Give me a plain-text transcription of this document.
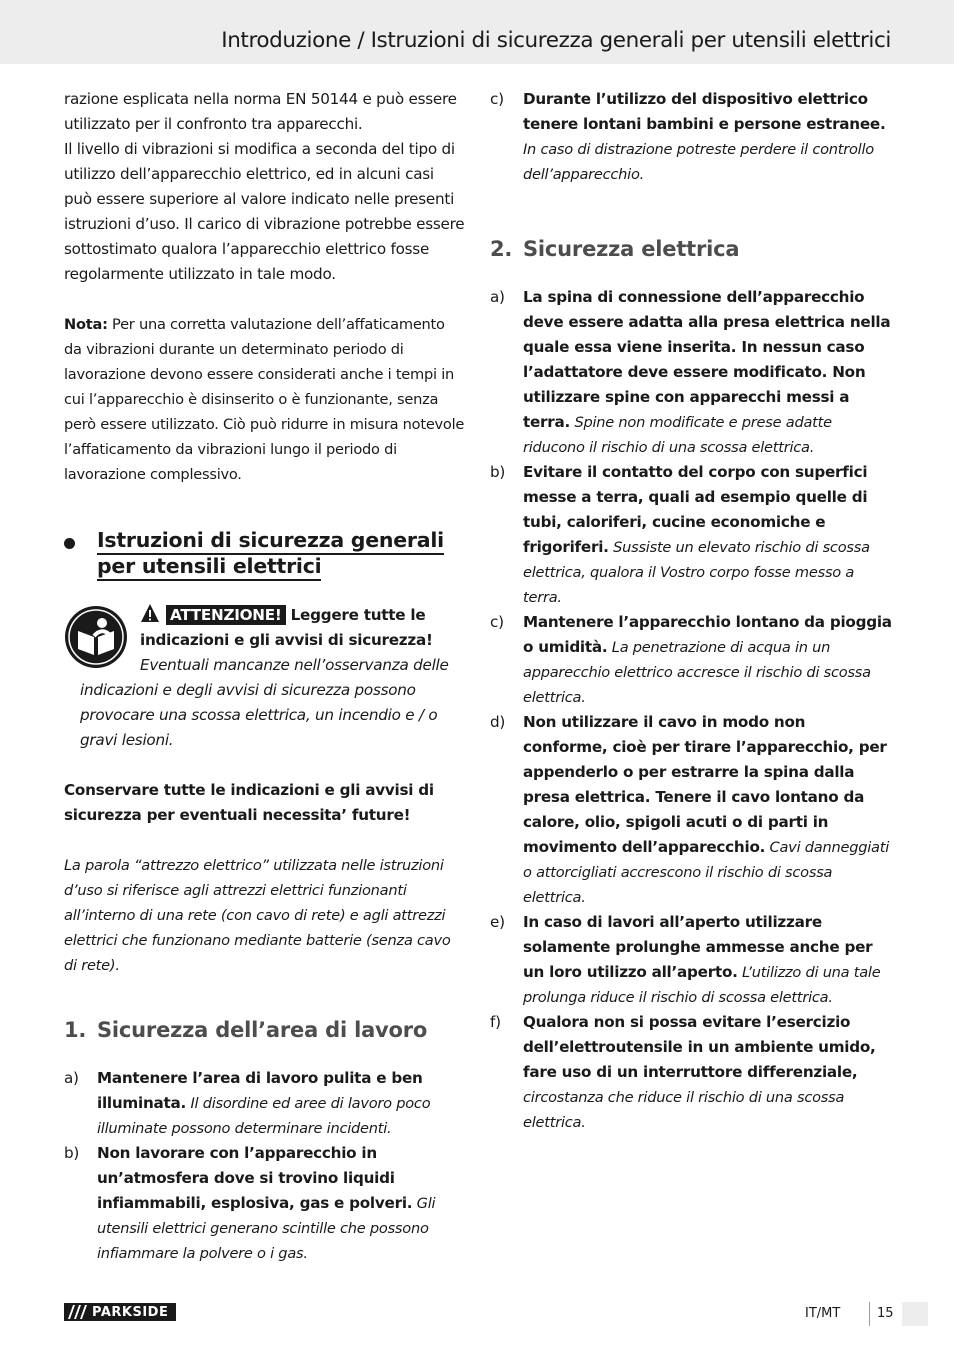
Introduzione / Istruzioni di sicurezza generali per utensili elettrici

razione esplicata nella norma EN 50144 e può essere utilizzato per il confronto tra apparecchi.

Il livello di vibrazioni si modifica a seconda del tipo di utilizzo dell’apparecchio elettrico, ed in alcuni casi può essere superiore al valore indicato nelle presenti istruzioni d’uso. Il carico di vibrazione potrebbe essere sottostimato qualora l’apparecchio elettrico fosse regolarmente utilizzato in tale modo.

Nota: Per una corretta valutazione dell’affaticamento da vibrazioni durante un determinato periodo di lavorazione devono essere considerati anche i tempi in cui l’apparecchio è disinserito o è funzionante, senza però essere utilizzato. Ciò può ridurre in misura notevole l’affaticamento da vibrazioni lungo il periodo di lavorazione complessivo.

Istruzioni di sicurezza generali per utensili elettrici

ATTENZIONE! Leggere tutte le indicazioni e gli avvisi di sicurezza! Eventuali mancanze nell’osservanza delle indicazioni e degli avvisi di sicurezza possono provocare una scossa elettrica, un incendio e / o gravi lesioni.

Conservare tutte le indicazioni e gli avvisi di sicurezza per eventuali necessita’ future!

La parola “attrezzo elettrico” utilizzata nelle istruzioni d’uso si riferisce agli attrezzi elettrici funzionanti all’interno di una rete (con cavo di rete) e agli attrezzi elettrici che funzionano mediante batterie (senza cavo di rete).

1. Sicurezza dell’area di lavoro
a) Mantenere l’area di lavoro pulita e ben illuminata. Il disordine ed aree di lavoro poco illuminate possono determinare incidenti.
b) Non lavorare con l’apparecchio in un’atmosfera dove si trovino liquidi infiammabili, esplosiva, gas e polveri. Gli utensili elettrici generano scintille che possono infiammare la polvere o i gas.
c) Durante l’utilizzo del dispositivo elettrico tenere lontani bambini e persone estranee. In caso di distrazione potreste perdere il controllo dell’apparecchio.
2. Sicurezza elettrica
a) La spina di connessione dell’apparecchio deve essere adatta alla presa elettrica nella quale essa viene inserita. In nessun caso l’adattatore deve essere modificato. Non utilizzare spine con apparecchi messi a terra. Spine non modificate e prese adatte riducono il rischio di una scossa elettrica.
b) Evitare il contatto del corpo con superfici messe a terra, quali ad esempio quelle di tubi, caloriferi, cucine economiche e frigoriferi. Sussiste un elevato rischio di scossa elettrica, qualora il Vostro corpo fosse messo a terra.
c) Mantenere l’apparecchio lontano da pioggia o umidità. La penetrazione di acqua in un apparecchio elettrico accresce il rischio di scossa elettrica.
d) Non utilizzare il cavo in modo non conforme, cioè per tirare l’apparecchio, per appenderlo o per estrarre la spina dalla presa elettrica. Tenere il cavo lontano da calore, olio, spigoli acuti o di parti in movimento dell’apparecchio. Cavi danneggiati o attorcigliati accrescono il rischio di scossa elettrica.
e) In caso di lavori all’aperto utilizzare solamente prolunghe ammesse anche per un loro utilizzo all’aperto. L’utilizzo di una tale prolunga riduce il rischio di scossa elettrica.
f) Qualora non si possa evitare l’esercizio dell’elettroutensile in un ambiente umido, fare uso di un interruttore differenziale, circostanza che riduce il rischio di una scossa elettrica.
PARKSIDE	IT/MT	15
